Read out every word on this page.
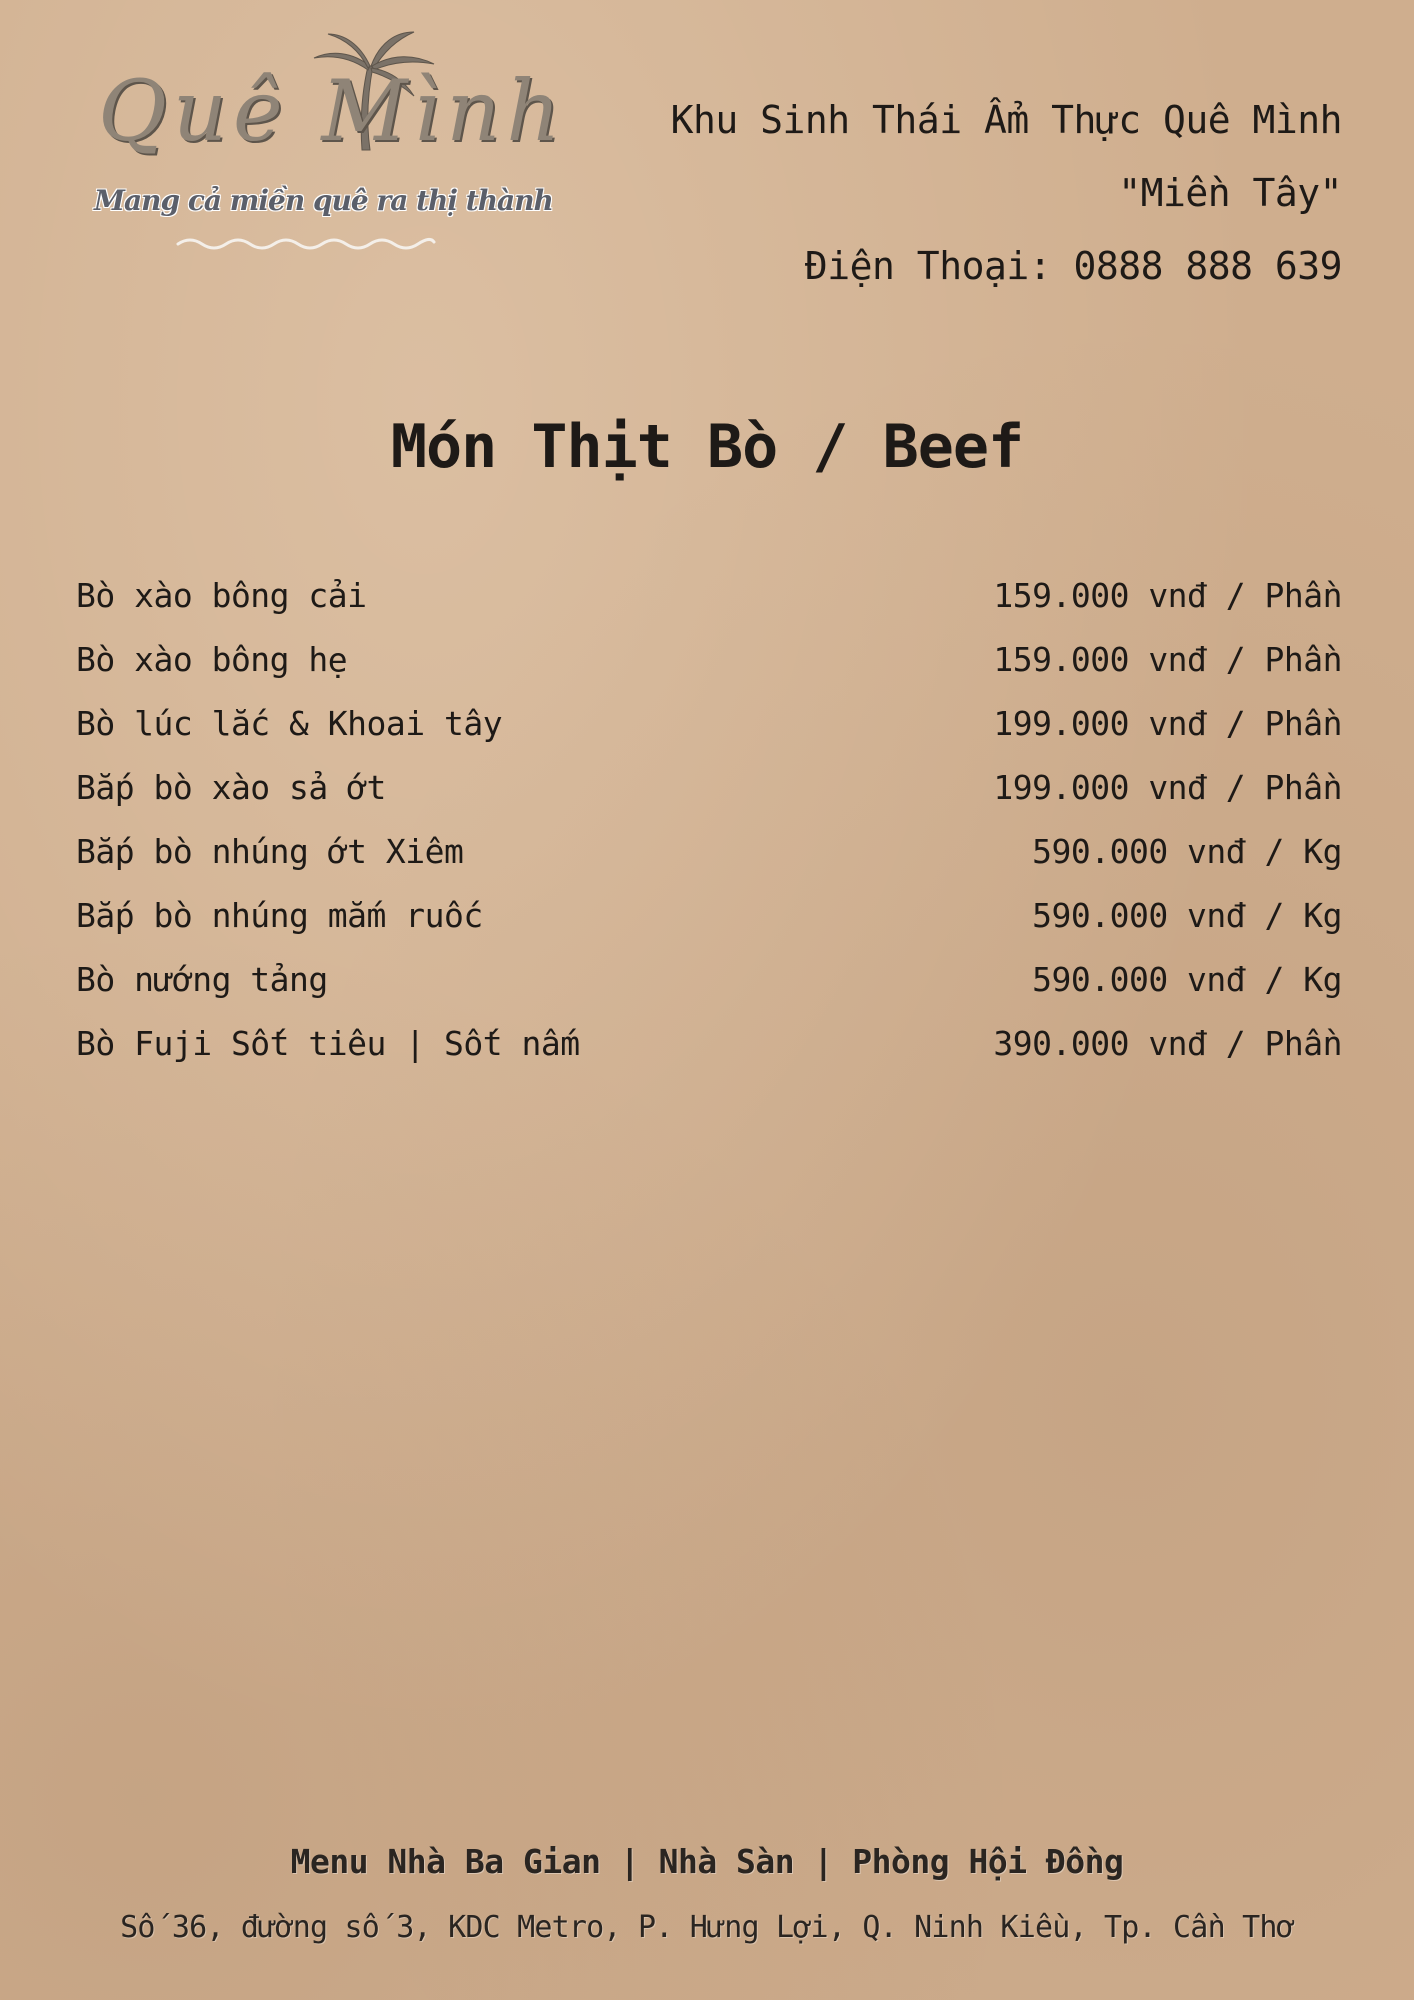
Quê Mình
Mang cả miền quê ra thị thành
Khu Sinh Thái Ẩm Thực Quê Mình
"Miền Tây"
Điện Thoại: 0888 888 639
Món Thịt Bò / Beef
Bò xào bông cải	159.000 vnđ / Phần
Bò xào bông hẹ	159.000 vnđ / Phần
Bò lúc lắc & Khoai tây	199.000 vnđ / Phần
Bắp bò xào sả ớt	199.000 vnđ / Phần
Bắp bò nhúng ớt Xiêm	590.000 vnđ / Kg
Bắp bò nhúng mắm ruốc	590.000 vnđ / Kg
Bò nướng tảng	590.000 vnđ / Kg
Bò Fuji Sốt tiêu | Sốt nấm	390.000 vnđ / Phần
Menu Nhà Ba Gian | Nhà Sàn | Phòng Hội Đồng
Số 36, đường số 3, KDC Metro, P. Hưng Lợi, Q. Ninh Kiều, Tp. Cần Thơ
